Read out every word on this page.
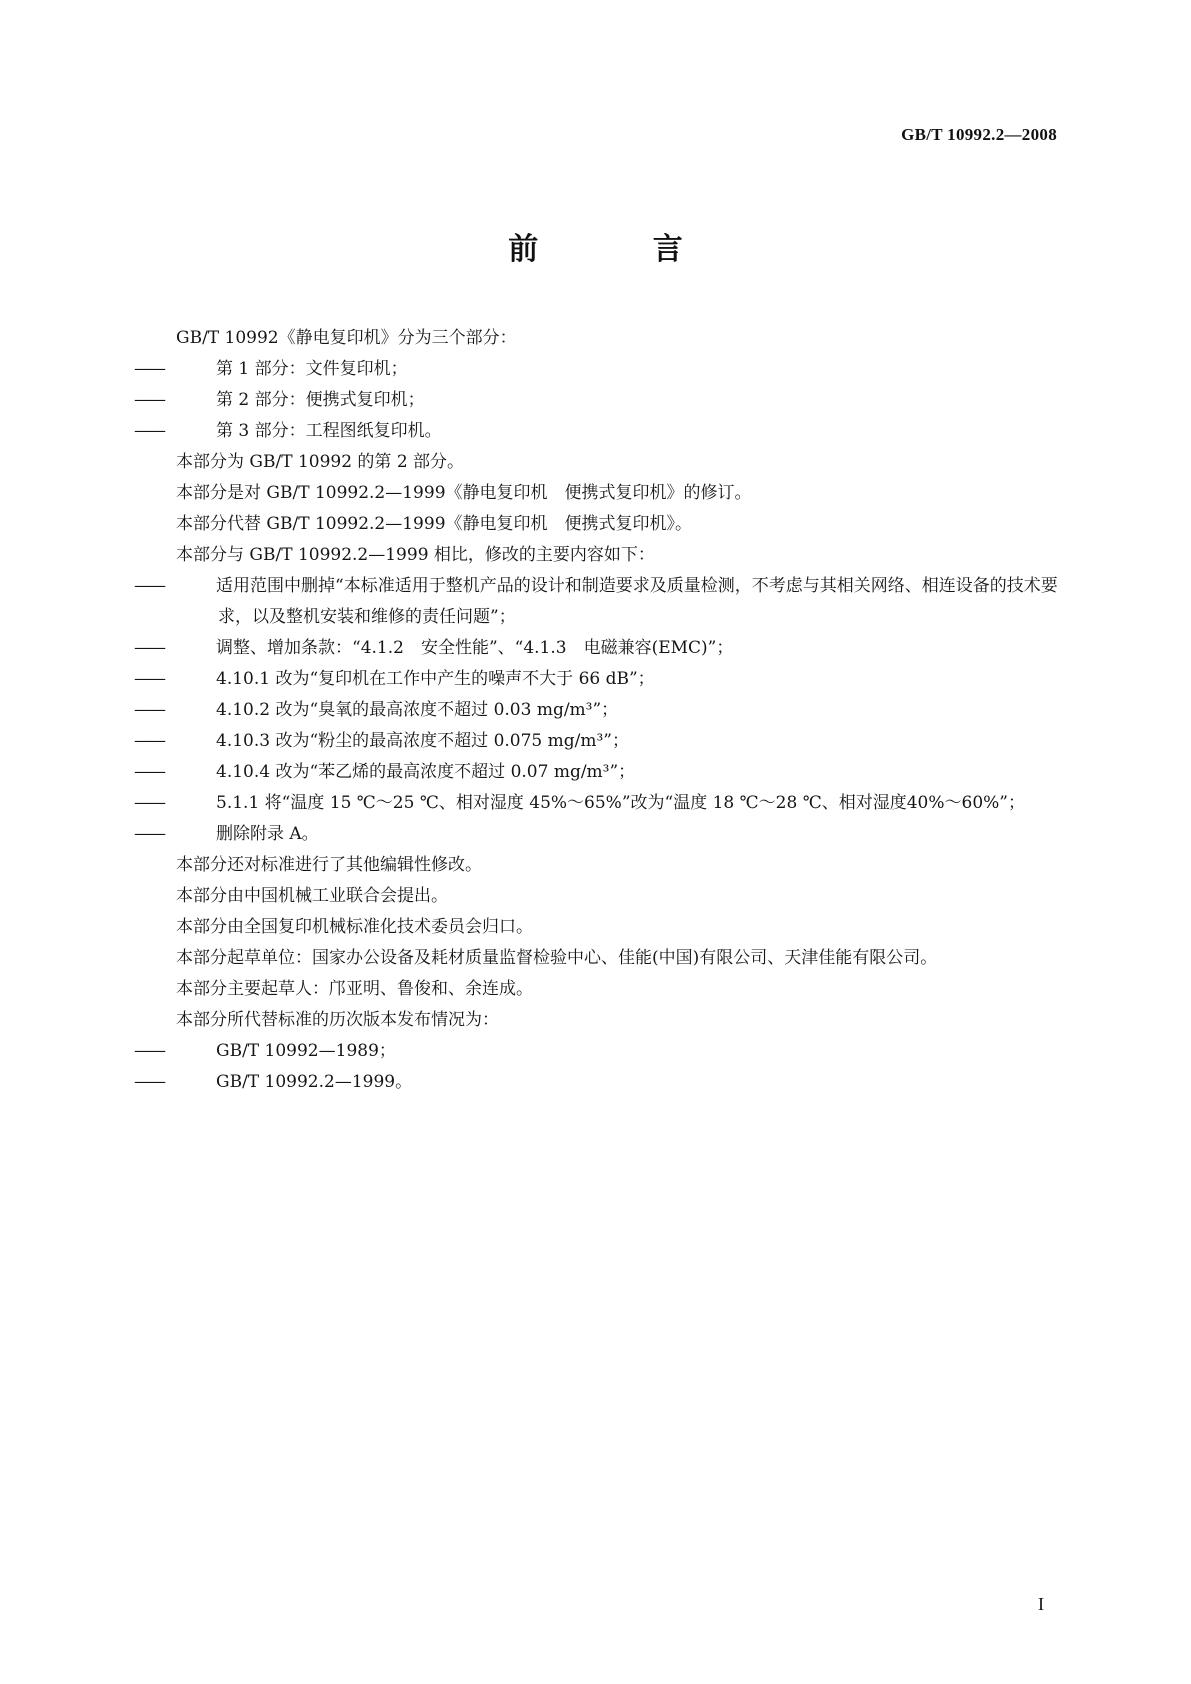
GB/T 10992.2—2008
前 言

GB/T 10992《静电复印机》分为三个部分：

——	第 1 部分：文件复印机；

——	第 2 部分：便携式复印机；

——	第 3 部分：工程图纸复印机。

本部分为 GB/T 10992 的第 2 部分。

本部分是对 GB/T 10992.2—1999《静电复印机　便携式复印机》的修订。

本部分代替 GB/T 10992.2—1999《静电复印机　便携式复印机》。

本部分与 GB/T 10992.2—1999 相比，修改的主要内容如下：

——	适用范围中删掉“本标准适用于整机产品的设计和制造要求及质量检测，不考虑与其相关网络、相连设备的技术要求，以及整机安装和维修的责任问题”；

——	调整、增加条款：“4.1.2　安全性能”、“4.1.3　电磁兼容(EMC)”；

——	4.10.1 改为“复印机在工作中产生的噪声不大于 66 dB”；

——	4.10.2 改为“臭氧的最高浓度不超过 0.03 mg/m³”；

——	4.10.3 改为“粉尘的最高浓度不超过 0.075 mg/m³”；

——	4.10.4 改为“苯乙烯的最高浓度不超过 0.07 mg/m³”；

——	5.1.1 将“温度 15 ℃～25 ℃、相对湿度 45%～65%”改为“温度 18 ℃～28 ℃、相对湿度40%～60%”；

——	删除附录 A。

本部分还对标准进行了其他编辑性修改。

本部分由中国机械工业联合会提出。

本部分由全国复印机械标准化技术委员会归口。

本部分起草单位：国家办公设备及耗材质量监督检验中心、佳能(中国)有限公司、天津佳能有限公司。

本部分主要起草人：邝亚明、鲁俊和、余连成。

本部分所代替标准的历次版本发布情况为：

——	GB/T 10992—1989；

——	GB/T 10992.2—1999。

I
